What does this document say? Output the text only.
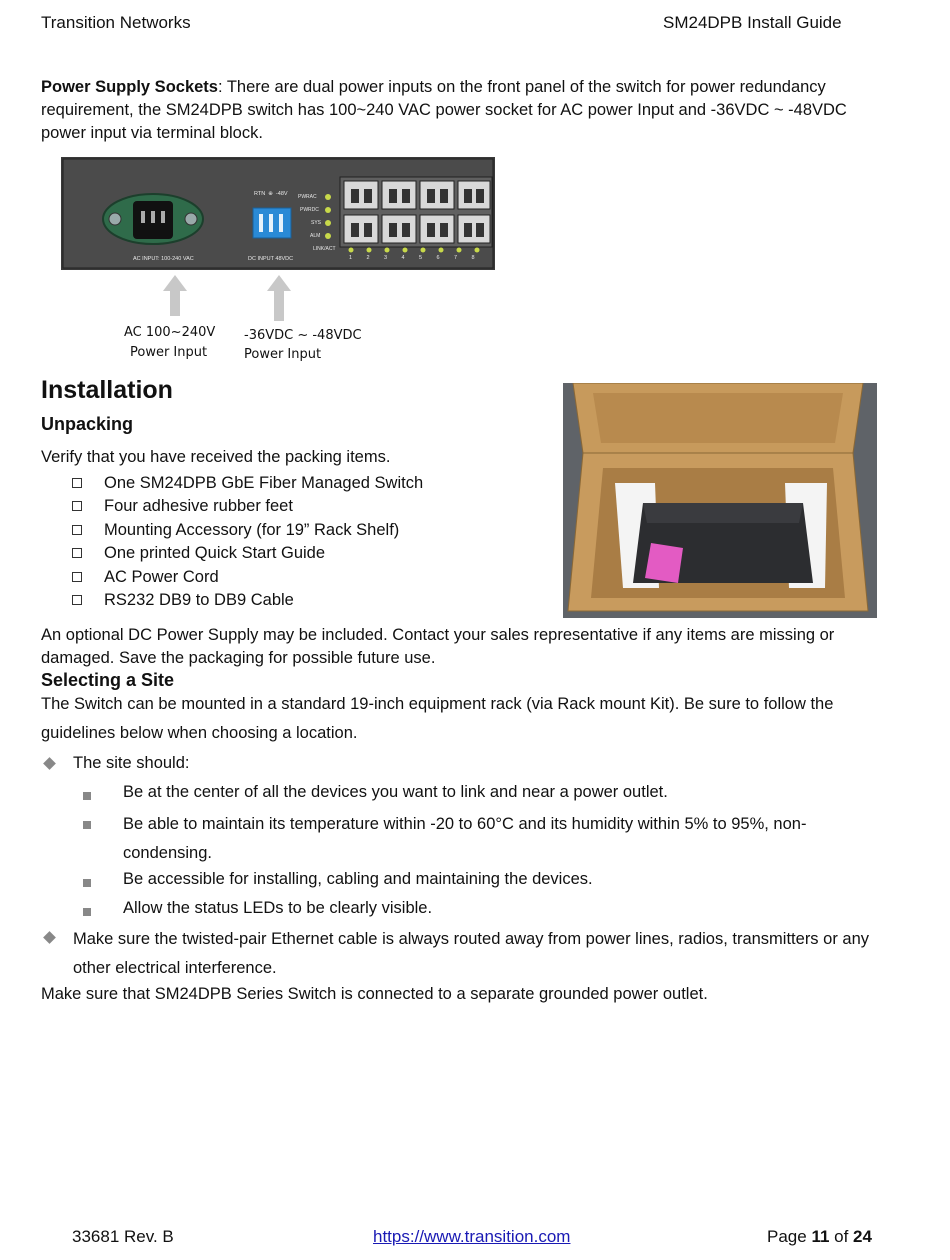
Transition Networks	SM24DPB Install Guide
Power Supply Sockets: There are dual power inputs on the front panel of the switch for power redundancy requirement, the SM24DPB switch has 100~240 VAC power socket for AC power Input and -36VDC ~ -48VDC power input via terminal block.
AC INPUT: 100-240 VAC	DC INPUT 48VDC
RTN  ⊕  -48V PWRAC
PWRDC
SYS
ALM
LINK/ACT
1	2	3	4	5	6	7	8
AC 100~240V
Power Input
-36VDC ~ -48VDC
Power Input
Installation
Unpacking
Verify that you have received the packing items.
One SM24DPB GbE Fiber Managed Switch
Four adhesive rubber feet
Mounting Accessory (for 19” Rack Shelf)
One printed Quick Start Guide
AC Power Cord
RS232 DB9 to DB9 Cable
An optional DC Power Supply may be included. Contact your sales representative if any items are missing or damaged. Save the packaging for possible future use.
Selecting a Site
The Switch can be mounted in a standard 19-inch equipment rack (via Rack mount Kit). Be sure to follow the guidelines below when choosing a location.
The site should:
Be at the center of all the devices you want to link and near a power outlet.
Be able to maintain its temperature within -20 to 60°C and its humidity within 5% to 95%, non-condensing.
Be accessible for installing, cabling and maintaining the devices.
Allow the status LEDs to be clearly visible.
Make sure the twisted-pair Ethernet cable is always routed away from power lines, radios, transmitters or any other electrical interference.
Make sure that SM24DPB Series Switch is connected to a separate grounded power outlet.
33681 Rev. B	https://www.transition.com	Page 11 of 24
